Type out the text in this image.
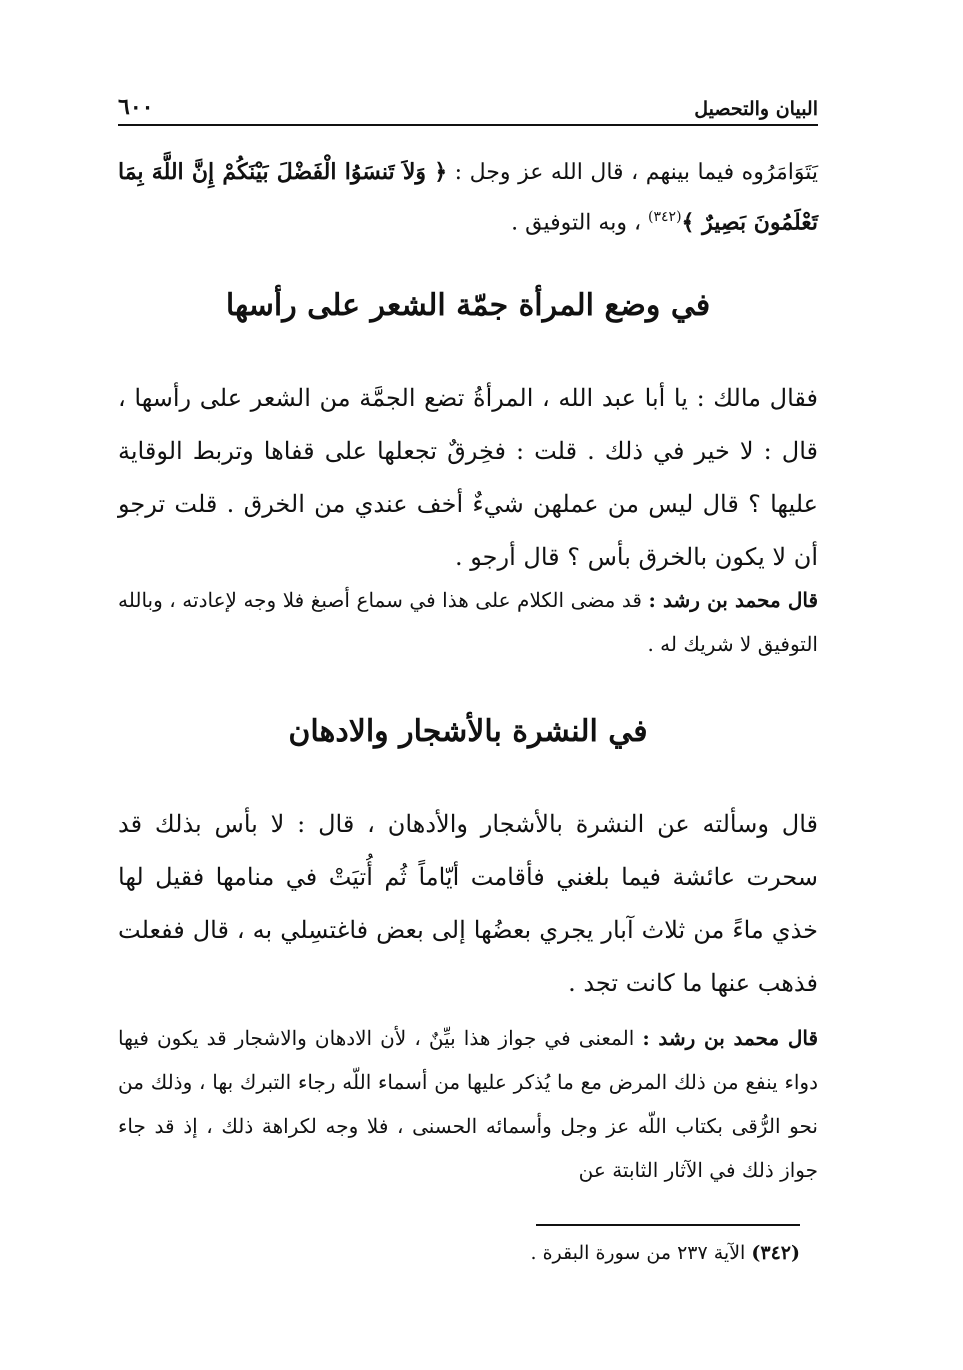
البيان والتحصيل
٦٠٠

يَتَوَامَرُوه فيما بينهم ، قال الله عز وجل : ﴿ وَلاَ تَنسَوُا الْفَضْلَ بَيْنَكُمْ إِنَّ اللَّهَ بِمَا تَعْلَمُونَ بَصِيرٌ ﴾$^{(٣٤٢)}$ ، وبه التوفيق .

في وضع المرأة جمّة الشعر على رأسها

فقال مالك : يا أبا عبد الله ، المرأةُ تضع الجمَّة من الشعر على رأسها ، قال : لا خير في ذلك . قلت : فخِرقٌ تجعلها على قفاها وتربط الوقاية عليها ؟ قال ليس من عملهن شيءٌ أخف عندي من الخرق . قلت ترجو أن لا يكون بالخرق بأس ؟ قال أرجو .

قال محمد بن رشد : قد مضى الكلام على هذا في سماع أصبغ فلا وجه لإعادته ، وبالله التوفيق لا شريك له .

في النشرة بالأشجار والادهان

قال وسألته عن النشرة بالأشجار والأدهان ، قال : لا بأس بذلك قد سحرت عائشة فيما بلغني فأقامت أيّاماً ثُم أُتيَتْ في منامها فقيل لها خذي ماءً من ثلاث آبار يجري بعضُها إلى بعض فاغتسِلي به ، قال ففعلت فذهب عنها ما كانت تجد .

قال محمد بن رشد : المعنى في جواز هذا بيِّنٌ ، لأن الادهان والاشجار قد يكون فيها دواء ينفع من ذلك المرض مع ما يُذكر عليها من أسماء اللّه رجاء التبرك بها ، وذلك من نحو الرُّقى بكتاب اللّه عز وجل وأسمائه الحسنى ، فلا وجه لكراهة ذلك ، إذ قد جاء جواز ذلك في الآثار الثابتة عن

(٣٤٢) الآية ٢٣٧ من سورة البقرة .
